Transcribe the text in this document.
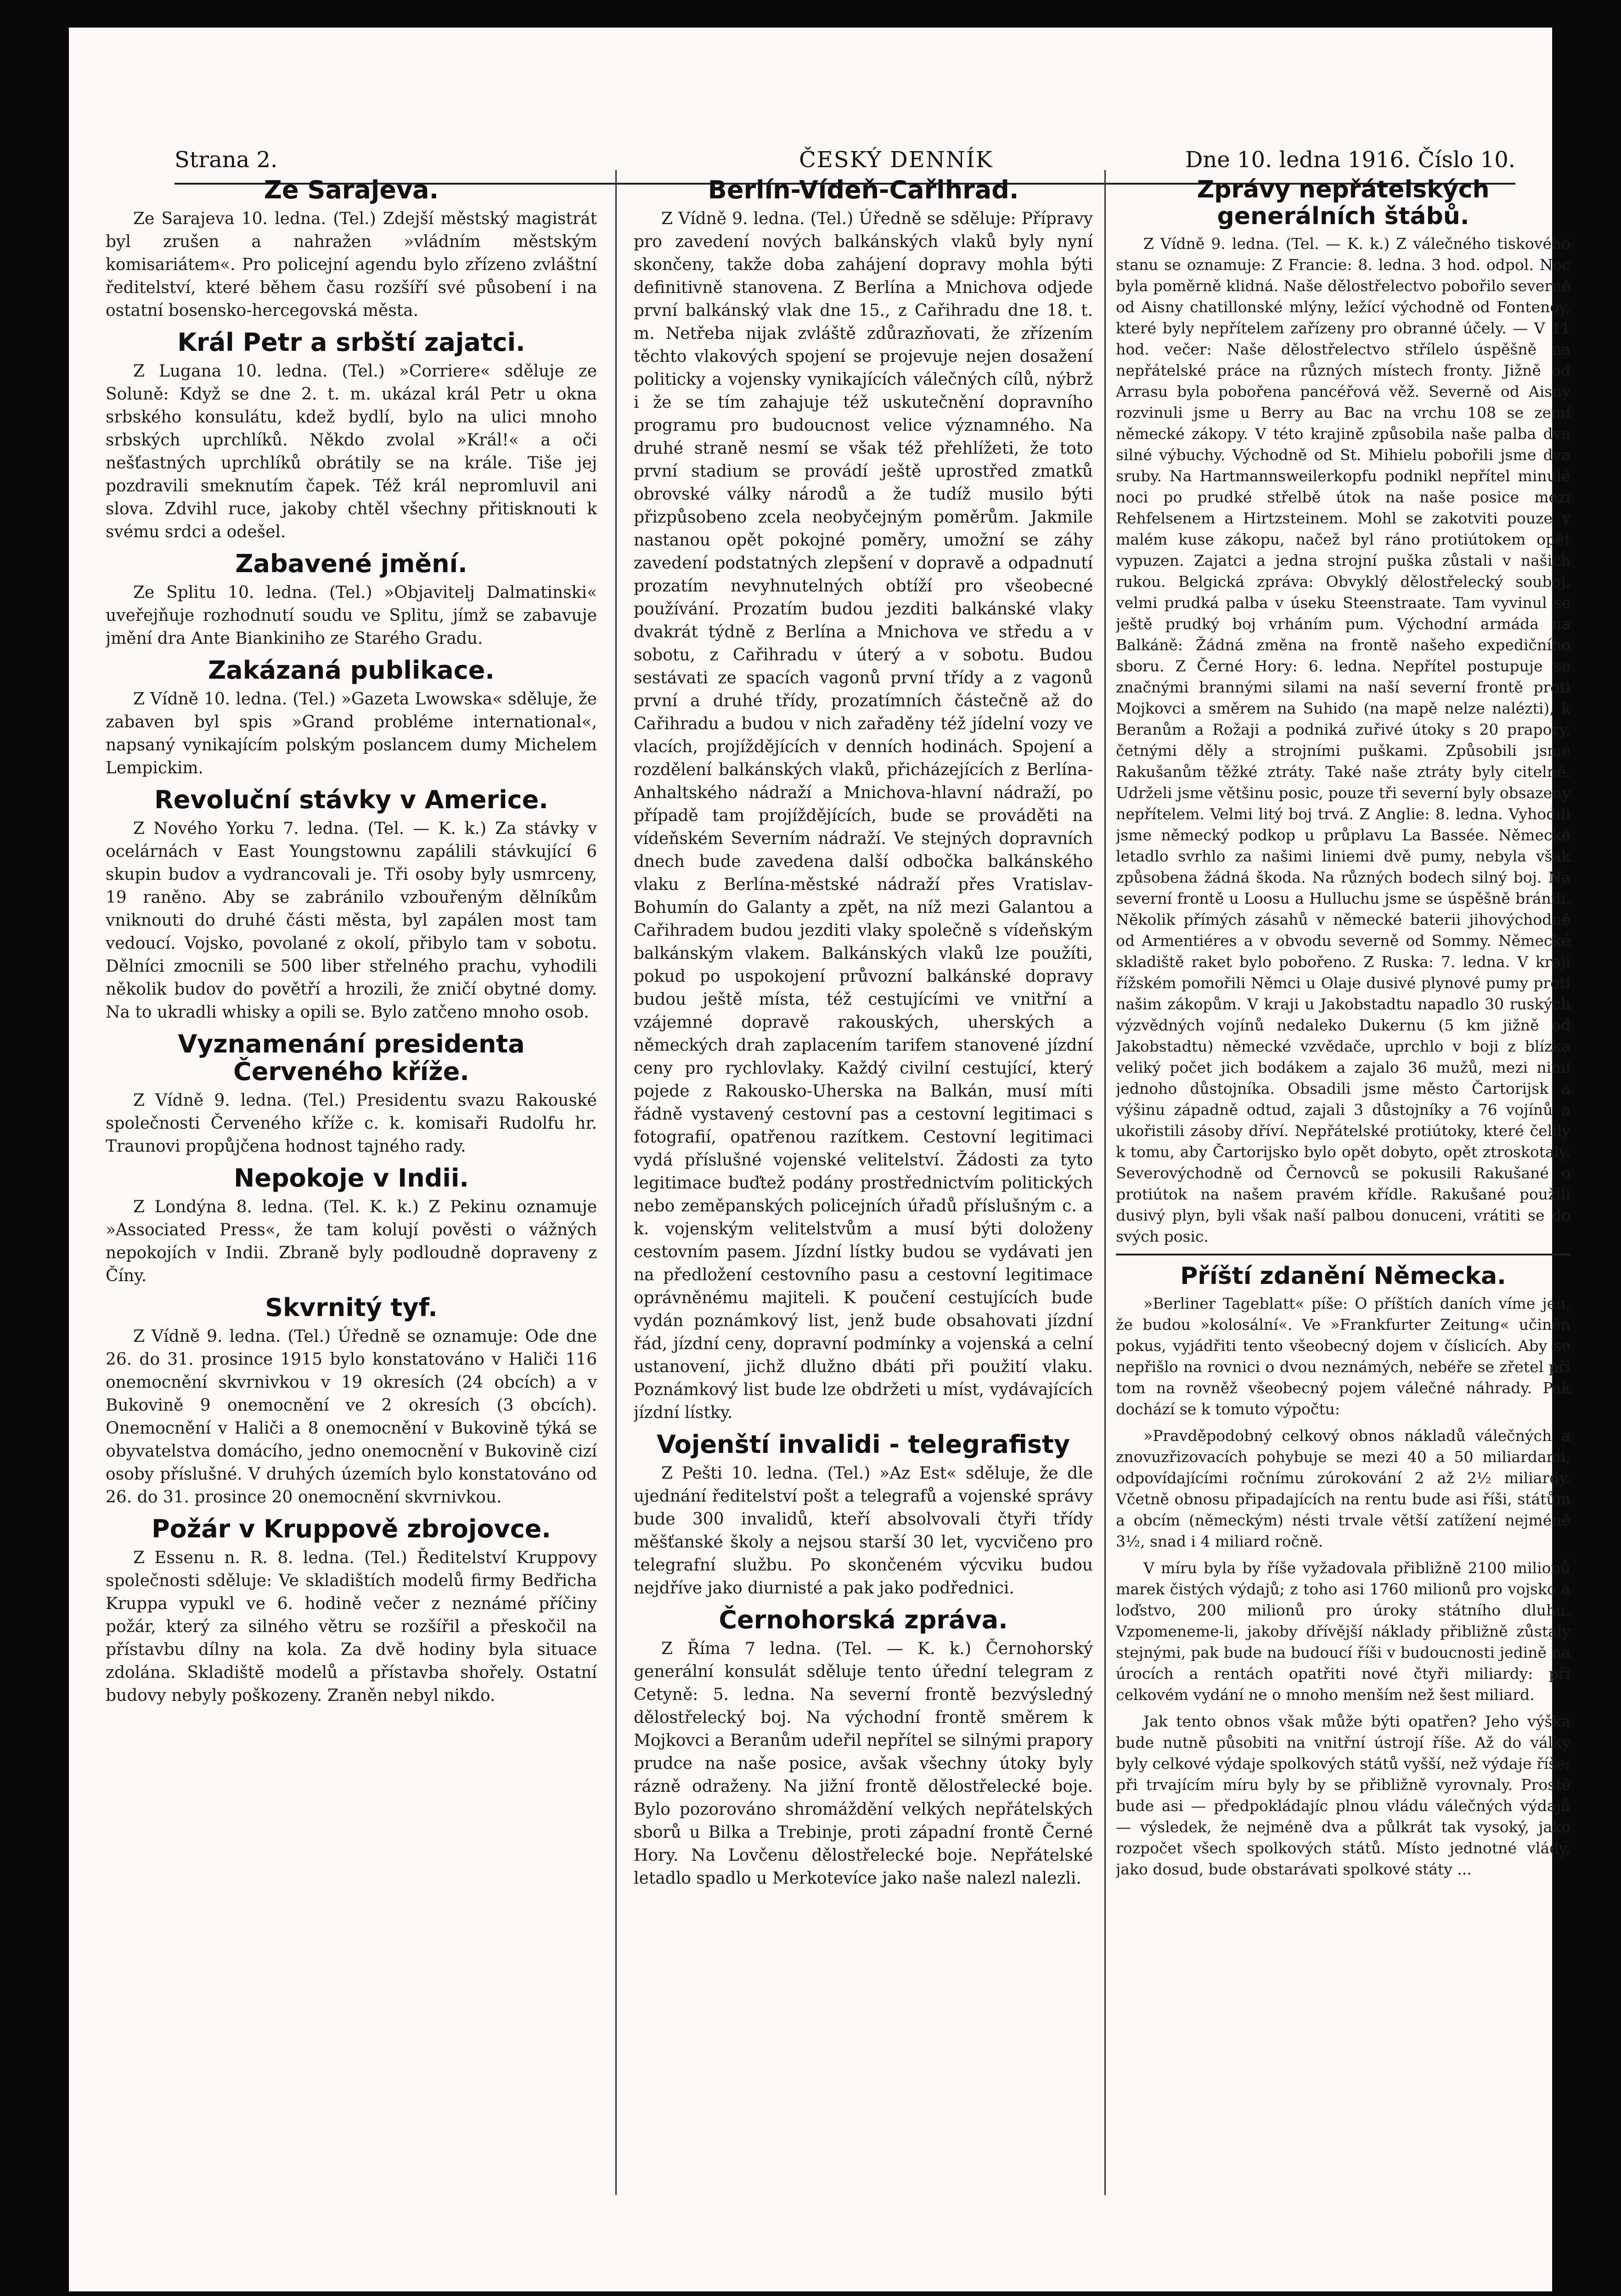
Strana 2.	ČESKÝ DENNÍK	Dne 10. ledna 1916. Číslo 10.
Ze Sarajeva.

Ze Sarajeva 10. ledna. (Tel.) Zdejší městský magistrát byl zrušen a nahražen »vládním městským komisariátem«. Pro policejní agendu bylo zřízeno zvláštní ředitelství, které během času rozšíří své působení i na ostatní bosensko-hercegovská města.

Král Petr a srbští zajatci.

Z Lugana 10. ledna. (Tel.) »Corriere« sděluje ze Soluně: Když se dne 2. t. m. ukázal král Petr u okna srbského konsulátu, kdež bydlí, bylo na ulici mnoho srbských uprchlíků. Někdo zvolal »Král!« a oči nešťastných uprchlíků obrátily se na krále. Tiše jej pozdravili smeknutím čapek. Též král nepromluvil ani slova. Zdvihl ruce, jakoby chtěl všechny přitisknouti k svému srdci a odešel.

Zabavené jmění.

Ze Splitu 10. ledna. (Tel.) »Objavitelj Dalmatinski« uveřejňuje rozhodnutí soudu ve Splitu, jímž se zabavuje jmění dra Ante Biankiniho ze Starého Gradu.

Zakázaná publikace.

Z Vídně 10. ledna. (Tel.) »Gazeta Lwowska« sděluje, že zabaven byl spis »Grand probléme international«, napsaný vynikajícím polským poslancem dumy Michelem Lempickim.

Revoluční stávky v Americe.

Z Nového Yorku 7. ledna. (Tel. — K. k.) Za stávky v ocelárnách v East Youngstownu zapálili stávkující 6 skupin budov a vydrancovali je. Tři osoby byly usmrceny, 19 raněno. Aby se zabránilo vzbouřeným dělníkům vniknouti do druhé části města, byl zapálen most tam vedoucí. Vojsko, povolané z okolí, přibylo tam v sobotu. Dělníci zmocnili se 500 liber střelného prachu, vyhodili několik budov do povětří a hrozili, že zničí obytné domy. Na to ukradli whisky a opili se. Bylo zatčeno mnoho osob.

Vyznamenání presidenta Červeného kříže.

Z Vídně 9. ledna. (Tel.) Presidentu svazu Rakouské společnosti Červeného kříže c. k. komisaři Rudolfu hr. Traunovi propůjčena hodnost tajného rady.

Nepokoje v Indii.

Z Londýna 8. ledna. (Tel. K. k.) Z Pekinu oznamuje »Associated Press«, že tam kolují pověsti o vážných nepokojích v Indii. Zbraně byly podloudně dopraveny z Číny.

Skvrnitý tyf.

Z Vídně 9. ledna. (Tel.) Úředně se oznamuje: Ode dne 26. do 31. prosince 1915 bylo konstatováno v Haliči 116 onemocnění skvrnivkou v 19 okresích (24 obcích) a v Bukovině 9 onemocnění ve 2 okresích (3 obcích). Onemocnění v Haliči a 8 onemocnění v Bukovině týká se obyvatelstva domácího, jedno onemocnění v Bukovině cizí osoby příslušné. V druhých územích bylo konstatováno od 26. do 31. prosince 20 onemocnění skvrnivkou.

Požár v Kruppově zbrojovce.

Z Essenu n. R. 8. ledna. (Tel.) Ředitelství Kruppovy společnosti sděluje: Ve skladištích modelů firmy Bedřicha Kruppa vypukl ve 6. hodině večer z neznámé příčiny požár, který za silného větru se rozšířil a přeskočil na přístavbu dílny na kola. Za dvě hodiny byla situace zdolána. Skladiště modelů a přístavba shořely. Ostatní budovy nebyly poškozeny. Zraněn nebyl nikdo.

Berlín-Vídeň-Cařihrad.

Z Vídně 9. ledna. (Tel.) Úředně se sděluje: Přípravy pro zavedení nových balkánských vlaků byly nyní skončeny, takže doba zahájení dopravy mohla býti definitivně stanovena. Z Berlína a Mnichova odjede první balkánský vlak dne 15., z Cařihradu dne 18. t. m. Netřeba nijak zvláště zdůrazňovati, že zřízením těchto vlakových spojení se projevuje nejen dosažení politicky a vojensky vynikajících válečných cílů, nýbrž i že se tím zahajuje též uskutečnění dopravního programu pro budoucnost velice významného. Na druhé straně nesmí se však též přehlížeti, že toto první stadium se provádí ještě uprostřed zmatků obrovské války národů a že tudíž musilo býti přizpůsobeno zcela neobyčejným poměrům. Jakmile nastanou opět pokojné poměry, umožní se záhy zavedení podstatných zlepšení v dopravě a odpadnutí prozatím nevyhnutelných obtíží pro všeobecné používání. Prozatím budou jezditi balkánské vlaky dvakrát týdně z Berlína a Mnichova ve středu a v sobotu, z Cařihradu v úterý a v sobotu. Budou sestávati ze spacích vagonů první třídy a z vagonů první a druhé třídy, prozatímních částečně až do Cařihradu a budou v nich zařaděny též jídelní vozy ve vlacích, projíždějících v denních hodinách. Spojení a rozdělení balkánských vlaků, přicházejících z Berlína-Anhaltského nádraží a Mnichova-hlavní nádraží, po případě tam projíždějících, bude se prováděti na vídeňském Severním nádraží. Ve stejných dopravních dnech bude zavedena další odbočka balkánského vlaku z Berlína-městské nádraží přes Vratislav-Bohumín do Galanty a zpět, na níž mezi Galantou a Cařihradem budou jezditi vlaky společně s vídeňským balkánským vlakem. Balkánských vlaků lze použíti, pokud po uspokojení průvozní balkánské dopravy budou ještě místa, též cestujícími ve vnitřní a vzájemné dopravě rakouských, uherských a německých drah zaplacením tarifem stanovené jízdní ceny pro rychlovlaky. Každý civilní cestující, který pojede z Rakousko-Uherska na Balkán, musí míti řádně vystavený cestovní pas a cestovní legitimaci s fotografií, opatřenou razítkem. Cestovní legitimaci vydá příslušné vojenské velitelství. Žádosti za tyto legitimace buďtež podány prostřednictvím politických nebo zeměpanských policejních úřadů příslušným c. a k. vojenským velitelstvům a musí býti doloženy cestovním pasem. Jízdní lístky budou se vydávati jen na předložení cestovního pasu a cestovní legitimace oprávněnému majiteli. K poučení cestujících bude vydán poznámkový list, jenž bude obsahovati jízdní řád, jízdní ceny, dopravní podmínky a vojenská a celní ustanovení, jichž dlužno dbáti při použití vlaku. Poznámkový list bude lze obdržeti u míst, vydávajících jízdní lístky.

Vojenští invalidi - telegrafisty

Z Pešti 10. ledna. (Tel.) »Az Est« sděluje, že dle ujednání ředitelství pošt a telegrafů a vojenské správy bude 300 invalidů, kteří absolvovali čtyři třídy měšťanské školy a nejsou starší 30 let, vycvičeno pro telegrafní službu. Po skončeném výcviku budou nejdříve jako diurnisté a pak jako podřednici.

Černohorská zpráva.

Z Říma 7 ledna. (Tel. — K. k.) Černohorský generální konsulát sděluje tento úřední telegram z Cetyně: 5. ledna. Na severní frontě bezvýsledný dělostřelecký boj. Na východní frontě směrem k Mojkovci a Beranům udeřil nepřítel se silnými prapory prudce na naše posice, avšak všechny útoky byly rázně odraženy. Na jižní frontě dělostřelecké boje. Bylo pozorováno shromáždění velkých nepřátelských sborů u Bilka a Trebinje, proti západní frontě Černé Hory. Na Lovčenu dělostřelecké boje. Nepřátelské letadlo spadlo u Merkotevíce jako naše nalezl nalezli.

Zprávy nepřátelských generálních štábů.

Z Vídně 9. ledna. (Tel. — K. k.) Z válečného tiskového stanu se oznamuje: Z Francie: 8. ledna. 3 hod. odpol. Noc byla poměrně klidná. Naše dělostřelectvo pobořilo severně od Aisny chatillonské mlýny, ležící východně od Fontenoy, které byly nepřítelem zařízeny pro obranné účely. — V 11 hod. večer: Naše dělostřelectvo střílelo úspěšně na nepřátelské práce na různých místech fronty. Jižně od Arrasu byla pobořena pancéřová věž. Severně od Aisny rozvinuli jsme u Berry au Bac na vrchu 108 se zemí německé zákopy. V této krajině způsobila naše palba dva silné výbuchy. Východně od St. Mihielu pobořili jsme dva sruby. Na Hartmannsweilerkopfu podnikl nepřítel minulé noci po prudké střelbě útok na naše posice mezi Rehfelsenem a Hirtzsteinem. Mohl se zakotviti pouze v malém kuse zákopu, načež byl ráno protiútokem opět vypuzen. Zajatci a jedna strojní puška zůstali v našich rukou. Belgická zpráva: Obvyklý dělostřelecký souboj, velmi prudká palba v úseku Steenstraate. Tam vyvinul se ještě prudký boj vrháním pum. Východní armáda na Balkáně: Žádná změna na frontě našeho expedičního sboru. Z Černé Hory: 6. ledna. Nepřítel postupuje se značnými brannými silami na naší severní frontě proti Mojkovci a směrem na Suhido (na mapě nelze nalézti), k Beranům a Rožaji a podniká zuřivé útoky s 20 prapory, četnými děly a strojními puškami. Způsobili jsme Rakušanům těžké ztráty. Také naše ztráty byly citelné. Udrželi jsme většinu posic, pouze tři severní byly obsazeny nepřítelem. Velmi litý boj trvá. Z Anglie: 8. ledna. Vyhodili jsme německý podkop u průplavu La Bassée. Německé letadlo svrhlo za našimi liniemi dvě pumy, nebyla však způsobena žádná škoda. Na různých bodech silný boj. Na severní frontě u Loosu a Hulluchu jsme se úspěšně bránili. Několik přímých zásahů v německé baterii jihovýchodně od Armentiéres a v obvodu severně od Sommy. Německé skladiště raket bylo pobořeno. Z Ruska: 7. ledna. V kraji řížském pomořili Němci u Olaje dusivé plynové pumy proti našim zákopům. V kraji u Jakobstadtu napadlo 30 ruských výzvědných vojínů nedaleko Dukernu (5 km jižně od Jakobstadtu) německé vzvědače, uprchlo v boji z blízka veliký počet jich bodákem a zajalo 36 mužů, mezi nimi jednoho důstojníka. Obsadili jsme město Čartorijsk a výšinu západně odtud, zajali 3 důstojníky a 76 vojínů a ukořistili zásoby dříví. Nepřátelské protiútoky, které čelily k tomu, aby Čartorijsko bylo opět dobyto, opět ztroskotaly. Severovýchodně od Černovců se pokusili Rakušané o protiútok na našem pravém křídle. Rakušané použili dusivý plyn, byli však naší palbou donuceni, vrátiti se do svých posic.

Příští zdanění Německa.

»Berliner Tageblatt« píše: O příštích daních víme jen, že budou »kolosální«. Ve »Frankfurter Zeitung« učiněn pokus, vyjádřiti tento všeobecný dojem v číslicích. Aby se nepřišlo na rovnici o dvou neznámých, nebéře se zřetel při tom na rovněž všeobecný pojem válečné náhrady. Pak dochází se k tomuto výpočtu:

»Pravděpodobný celkový obnos nákladů válečných a znovuzřizovacích pohybuje se mezi 40 a 50 miliardami, odpovídajícími ročnímu zúrokování 2 až 2½ miliardy. Včetně obnosu připadajících na rentu bude asi říši, státům a obcím (německým) nésti trvale větší zatížení nejméně 3½, snad i 4 miliard ročně.

V míru byla by říše vyžadovala přibližně 2100 milionů marek čistých výdajů; z toho asi 1760 milionů pro vojsko a loďstvo, 200 milionů pro úroky státního dluhu. Vzpomeneme-li, jakoby dřívější náklady přibližně zůstaly stejnými, pak bude na budoucí říši v budoucnosti jedině na úrocích a rentách opatřiti nové čtyři miliardy: při celkovém vydání ne o mnoho menším než šest miliard.

Jak tento obnos však může býti opatřen? Jeho výška bude nutně působiti na vnitřní ústrojí říše. Až do války byly celkové výdaje spolkových států vyšší, než výdaje říše; při trvajícím míru byly by se přibližně vyrovnaly. Prostě bude asi — předpokládajíc plnou vládu válečných výdajů — výsledek, že nejméně dva a půlkrát tak vysoký, jako rozpočet všech spolkových států. Místo jednotné vlády, jako dosud, bude obstarávati spolkové státy ...
